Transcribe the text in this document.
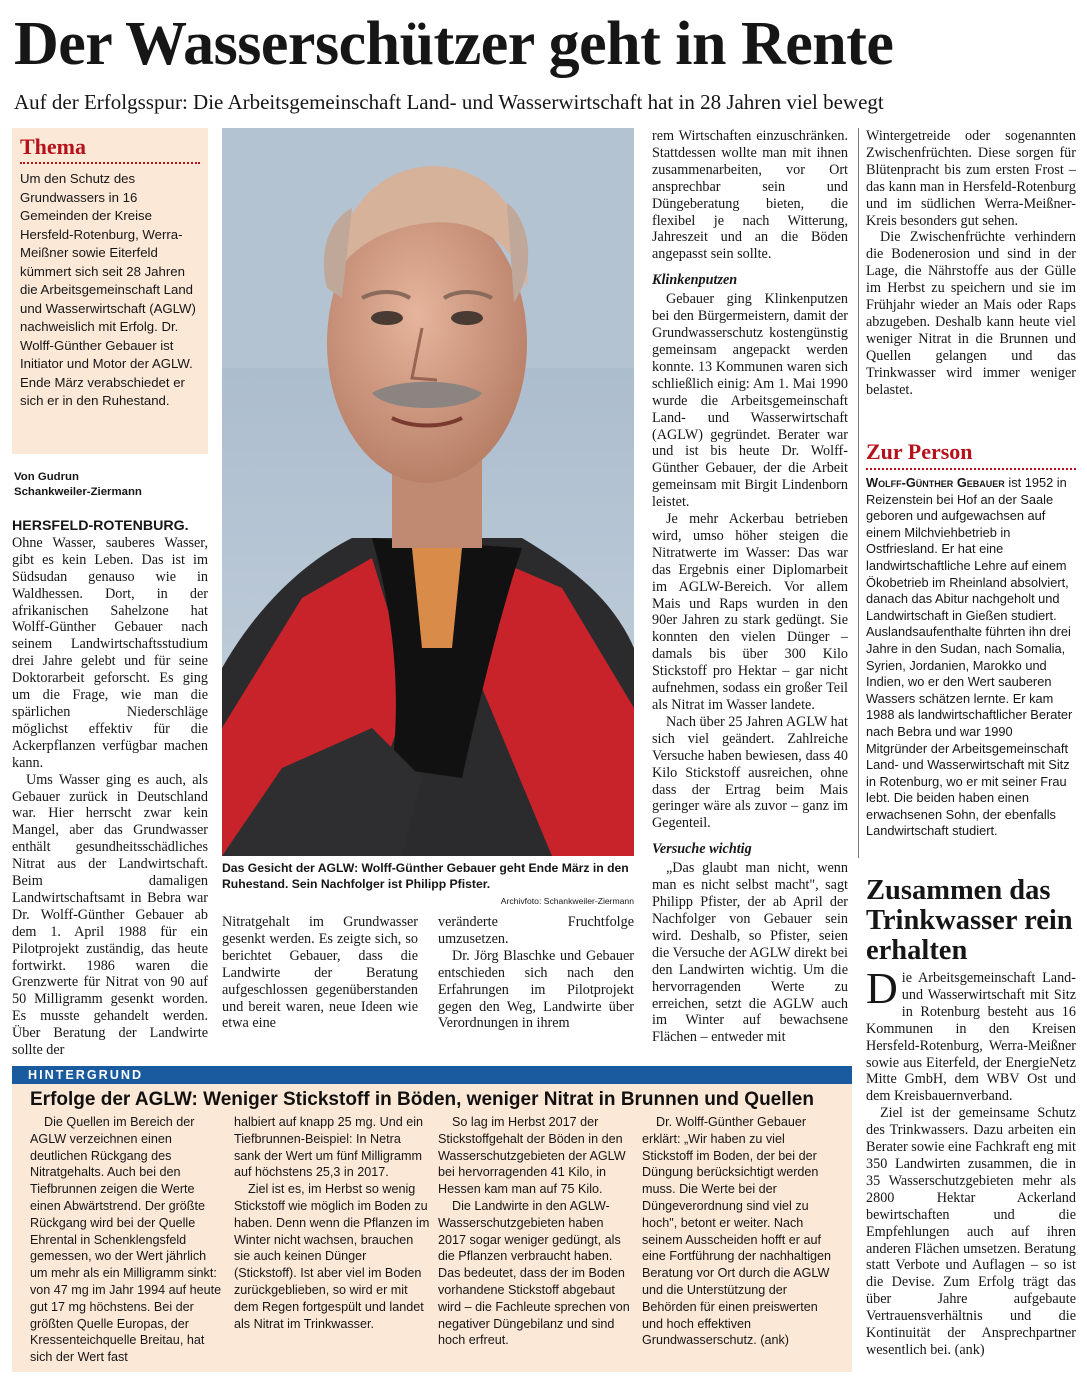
Der Wasserschützer geht in Rente
Auf der Erfolgsspur: Die Arbeitsgemeinschaft Land- und Wasserwirtschaft hat in 28 Jahren viel bewegt
Thema
Um den Schutz des Grundwassers in 16 Gemeinden der Kreise Hersfeld-Rotenburg, Werra-Meißner sowie Eiterfeld kümmert sich seit 28 Jahren die Arbeitsgemeinschaft Land und Wasserwirtschaft (AGLW) nachweislich mit Erfolg. Dr. Wolff-Günther Gebauer ist Initiator und Motor der AGLW. Ende März verabschiedet er sich er in den Ruhestand.
Von Gudrun
Schankweiler-Ziermann

HERSFELD-ROTENBURG.
Ohne Wasser, sauberes Wasser, gibt es kein Leben. Das ist im Südsudan genauso wie in Waldhessen. Dort, in der afrikanischen Sahelzone hat Wolff-Günther Gebauer nach seinem Landwirtschaftsstudium drei Jahre gelebt und für seine Doktorarbeit geforscht. Es ging um die Frage, wie man die spärlichen Niederschläge möglichst effektiv für die Ackerpflanzen verfügbar machen kann.

Ums Wasser ging es auch, als Gebauer zurück in Deutschland war. Hier herrscht zwar kein Mangel, aber das Grundwasser enthält gesundheitsschädliches Nitrat aus der Landwirtschaft. Beim damaligen Landwirtschaftsamt in Bebra war Dr. Wolff-Günther Gebauer ab dem 1. April 1988 für ein Pilotprojekt zuständig, das heute fortwirkt. 1986 waren die Grenzwerte für Nitrat von 90 auf 50 Milligramm gesenkt worden. Es musste gehandelt werden. Über Beratung der Landwirte sollte der

Das Gesicht der AGLW: Wolff-Günther Gebauer geht Ende März in den Ruhestand. Sein Nachfolger ist Philipp Pfister.
Archivfoto: Schankweiler-Ziermann

Nitratgehalt im Grundwasser gesenkt werden. Es zeigte sich, so berichtet Gebauer, dass die Landwirte der Beratung aufgeschlossen gegenüberstanden und bereit waren, neue Ideen wie etwa eine

veränderte Fruchtfolge umzusetzen.

Dr. Jörg Blaschke und Gebauer entschieden sich nach den Erfahrungen im Pilotprojekt gegen den Weg, Landwirte über Verordnungen in ihrem

rem Wirtschaften einzuschränken. Stattdessen wollte man mit ihnen zusammenarbeiten, vor Ort ansprechbar sein und Düngeberatung bieten, die flexibel je nach Witterung, Jahreszeit und an die Böden angepasst sein sollte.

Klinkenputzen

Gebauer ging Klinkenputzen bei den Bürgermeistern, damit der Grundwasserschutz kostengünstig gemeinsam angepackt werden konnte. 13 Kommunen waren sich schließlich einig: Am 1. Mai 1990 wurde die Arbeitsgemeinschaft Land- und Wasserwirtschaft (AGLW) gegründet. Berater war und ist bis heute Dr. Wolff-Günther Gebauer, der die Arbeit gemeinsam mit Birgit Lindenborn leistet.

Je mehr Ackerbau betrieben wird, umso höher steigen die Nitratwerte im Wasser: Das war das Ergebnis einer Diplomarbeit im AGLW-Bereich. Vor allem Mais und Raps wurden in den 90er Jahren zu stark gedüngt. Sie konnten den vielen Dünger – damals bis über 300 Kilo Stickstoff pro Hektar – gar nicht aufnehmen, sodass ein großer Teil als Nitrat im Wasser landete.

Nach über 25 Jahren AGLW hat sich viel geändert. Zahlreiche Versuche haben bewiesen, dass 40 Kilo Stickstoff ausreichen, ohne dass der Ertrag beim Mais geringer wäre als zuvor – ganz im Gegenteil.

Versuche wichtig

„Das glaubt man nicht, wenn man es nicht selbst macht", sagt Philipp Pfister, der ab April der Nachfolger von Gebauer sein wird. Deshalb, so Pfister, seien die Versuche der AGLW direkt bei den Landwirten wichtig. Um die hervorragenden Werte zu erreichen, setzt die AGLW auch im Winter auf bewachsene Flächen – entweder mit

Wintergetreide oder sogenannten Zwischenfrüchten. Diese sorgen für Blütenpracht bis zum ersten Frost – das kann man in Hersfeld-Rotenburg und im südlichen Werra-Meißner-Kreis besonders gut sehen.

Die Zwischenfrüchte verhindern die Bodenerosion und sind in der Lage, die Nährstoffe aus der Gülle im Herbst zu speichern und sie im Frühjahr wieder an Mais oder Raps abzugeben. Deshalb kann heute viel weniger Nitrat in die Brunnen und Quellen gelangen und das Trinkwasser wird immer weniger belastet.

Zur Person
Wolff-Günther Gebauer ist 1952 in Reizenstein bei Hof an der Saale geboren und aufgewachsen auf einem Milchviehbetrieb in Ostfriesland. Er hat eine landwirtschaftliche Lehre auf einem Ökobetrieb im Rheinland absolviert, danach das Abitur nachgeholt und Landwirtschaft in Gießen studiert. Auslandsaufenthalte führten ihn drei Jahre in den Sudan, nach Somalia, Syrien, Jordanien, Marokko und Indien, wo er den Wert sauberen Wassers schätzen lernte. Er kam 1988 als landwirtschaftlicher Berater nach Bebra und war 1990 Mitgründer der Arbeitsgemeinschaft Land- und Wasserwirtschaft mit Sitz in Rotenburg, wo er mit seiner Frau lebt. Die beiden haben einen erwachsenen Sohn, der ebenfalls Landwirtschaft studiert.
Zusammen das Trinkwasser rein erhalten

Die Arbeitsgemeinschaft Land- und Wasserwirtschaft mit Sitz in Rotenburg besteht aus 16 Kommunen in den Kreisen Hersfeld-Rotenburg, Werra-Meißner sowie aus Eiterfeld, der EnergieNetz Mitte GmbH, dem WBV Ost und dem Kreisbauernverband.

Ziel ist der gemeinsame Schutz des Trinkwassers. Dazu arbeiten ein Berater sowie eine Fachkraft eng mit 350 Landwirten zusammen, die in 35 Wasserschutzgebieten mehr als 2800 Hektar Ackerland bewirtschaften und die Empfehlungen auch auf ihren anderen Flächen umsetzen. Beratung statt Verbote und Auflagen – so ist die Devise. Zum Erfolg trägt das über Jahre aufgebaute Vertrauensverhältnis und die Kontinuität der Ansprechpartner wesentlich bei. (ank)

HINTERGRUND
Erfolge der AGLW: Weniger Stickstoff in Böden, weniger Nitrat in Brunnen und Quellen

Die Quellen im Bereich der AGLW verzeichnen einen deutlichen Rückgang des Nitratgehalts. Auch bei den Tiefbrunnen zeigen die Werte einen Abwärtstrend. Der größte Rückgang wird bei der Quelle Ehrental in Schenklengsfeld gemessen, wo der Wert jährlich um mehr als ein Milligramm sinkt: von 47 mg im Jahr 1994 auf heute gut 17 mg höchstens. Bei der größten Quelle Europas, der Kressenteichquelle Breitau, hat sich der Wert fast

halbiert auf knapp 25 mg. Und ein Tiefbrunnen-Beispiel: In Netra sank der Wert um fünf Milligramm auf höchstens 25,3 in 2017.

Ziel ist es, im Herbst so wenig Stickstoff wie möglich im Boden zu haben. Denn wenn die Pflanzen im Winter nicht wachsen, brauchen sie auch keinen Dünger (Stickstoff). Ist aber viel im Boden zurückgeblieben, so wird er mit dem Regen fortgespült und landet als Nitrat im Trinkwasser.

So lag im Herbst 2017 der Stickstoffgehalt der Böden in den Wasserschutzgebieten der AGLW bei hervorragenden 41 Kilo, in Hessen kam man auf 75 Kilo.

Die Landwirte in den AGLW-Wasserschutzgebieten haben 2017 sogar weniger gedüngt, als die Pflanzen verbraucht haben. Das bedeutet, dass der im Boden vorhandene Stickstoff abgebaut wird – die Fachleute sprechen von negativer Düngebilanz und sind hoch erfreut.

Dr. Wolff-Günther Gebauer erklärt: „Wir haben zu viel Stickstoff im Boden, der bei der Düngung berücksichtigt werden muss. Die Werte bei der Düngeverordnung sind viel zu hoch", betont er weiter. Nach seinem Ausscheiden hofft er auf eine Fortführung der nachhaltigen Beratung vor Ort durch die AGLW und die Unterstützung der Behörden für einen preiswerten und hoch effektiven Grundwasserschutz. (ank)
